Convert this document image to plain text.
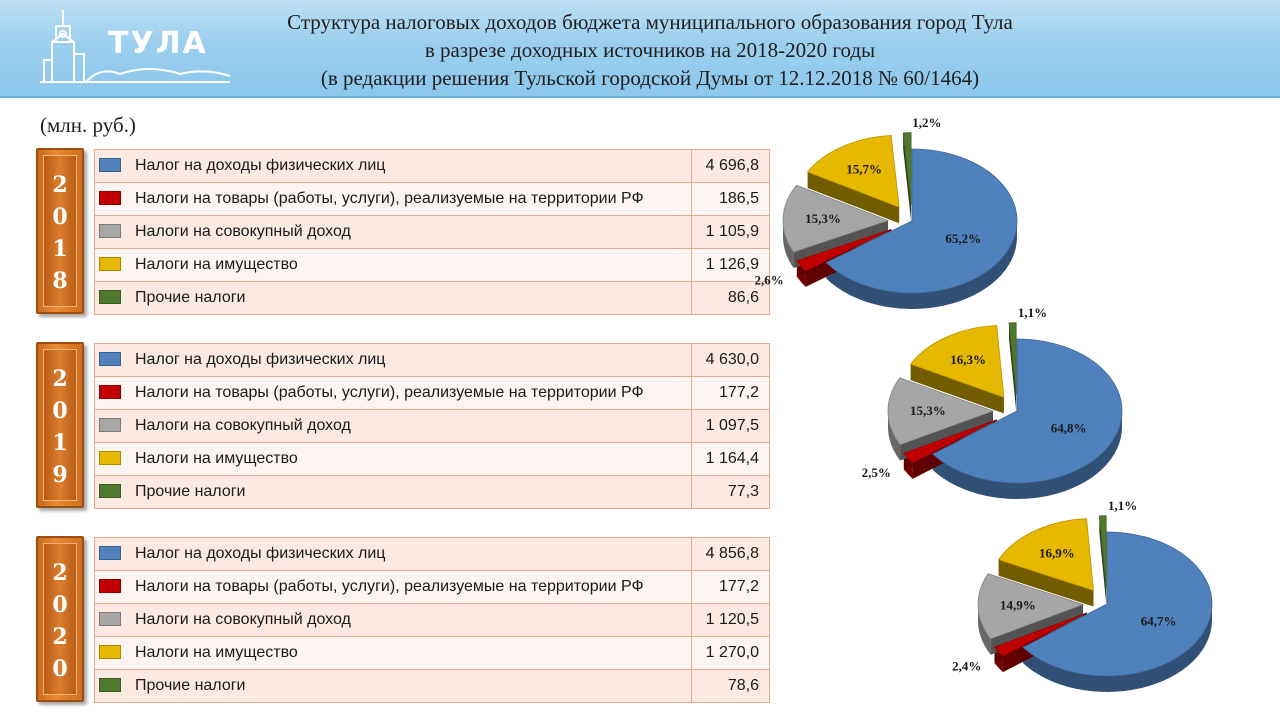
ТУЛА
Структура налоговых доходов бюджета муниципального образования город Тула
в разрезе доходных источников на 2018-2020 годы
(в редакции решения Тульской городской Думы от 12.12.2018 № 60/1464)
(млн. руб.)
2
0
1
8
Налог на доходы физических лиц	4 696,8
Налоги на товары (работы, услуги), реализуемые на территории РФ	186,5
Налоги на совокупный доход	1 105,9
Налоги на имущество	1 126,9
Прочие налоги	86,6
2
0
1
9
Налог на доходы физических лиц	4 630,0
Налоги на товары (работы, услуги), реализуемые на территории РФ	177,2
Налоги на совокупный доход	1 097,5
Налоги на имущество	1 164,4
Прочие налоги	77,3
2
0
2
0
Налог на доходы физических лиц	4 856,8
Налоги на товары (работы, услуги), реализуемые на территории РФ	177,2
Налоги на совокупный доход	1 120,5
Налоги на имущество	1 270,0
Прочие налоги	78,6
65,2%
2,6%
15,3%
15,7%
1,2%
64,8%
2,5%
15,3%
16,3%
1,1%
64,7%
2,4%
14,9%
16,9%
1,1%
